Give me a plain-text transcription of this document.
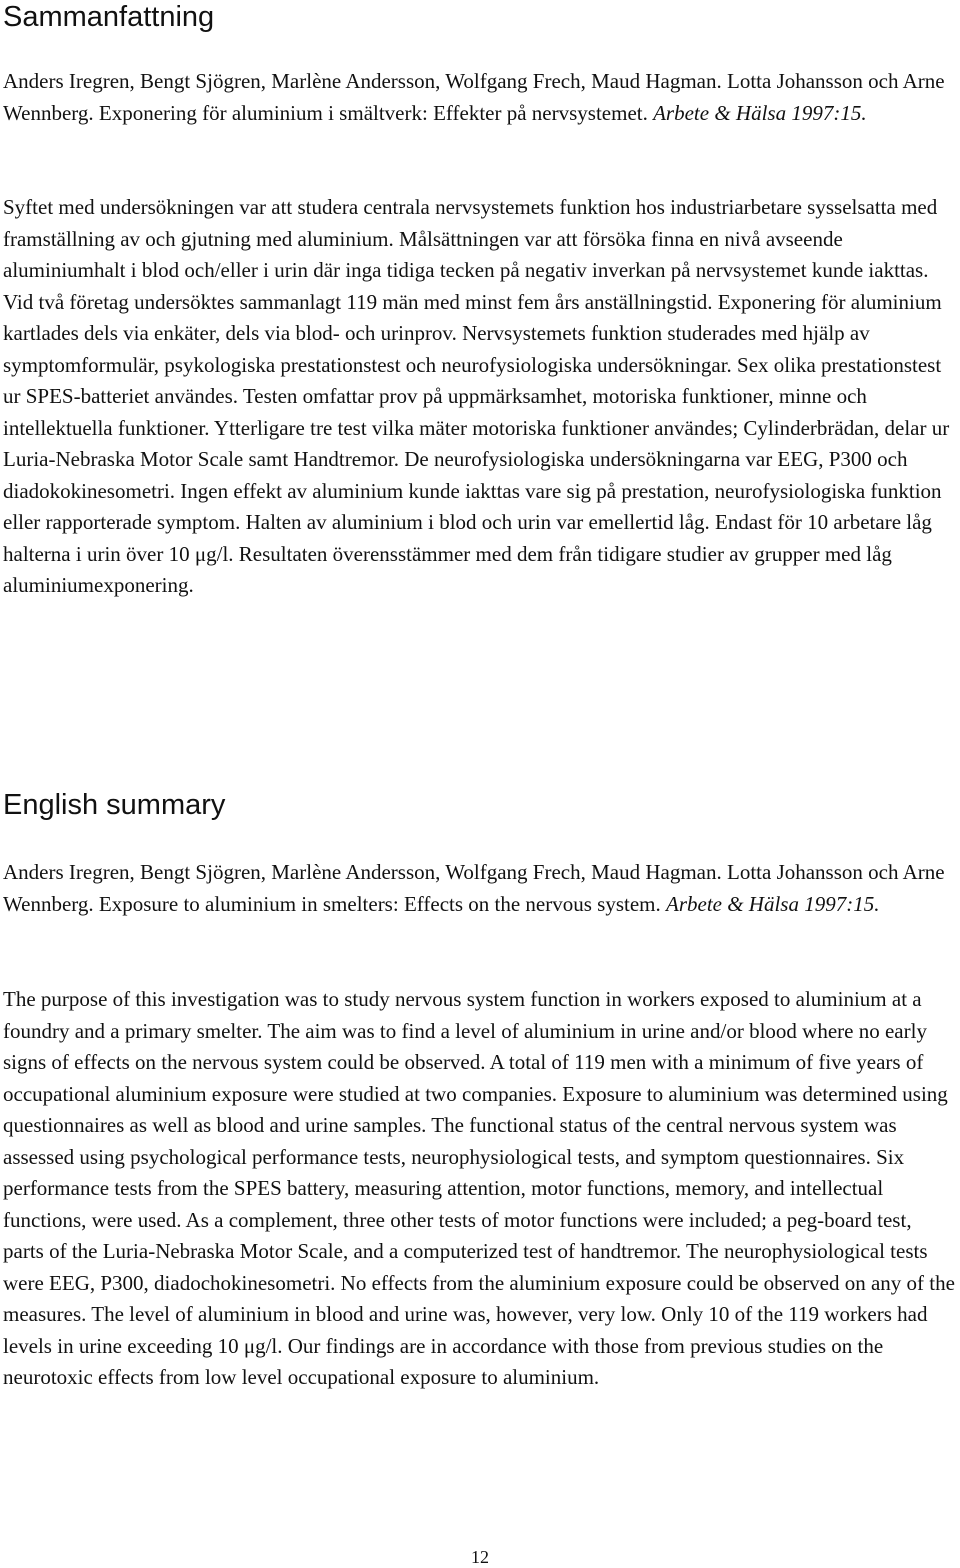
Sammanfattning

Anders Iregren, Bengt Sjögren, Marlène Andersson, Wolfgang Frech, Maud Hagman. Lotta Johansson och Arne Wennberg. Exponering för aluminium i smältverk: Effekter på nervsystemet. Arbete & Hälsa 1997:15.

Syftet med undersökningen var att studera centrala nervsystemets funktion hos industriarbetare sysselsatta med framställning av och gjutning med aluminium. Målsättningen var att försöka finna en nivå avseende aluminiumhalt i blod och/eller i urin där inga tidiga tecken på negativ inverkan på nervsystemet kunde iakttas. Vid två företag undersöktes sammanlagt 119 män med minst fem års anställningstid. Exponering för aluminium kartlades dels via enkäter, dels via blod- och urinprov. Nervsystemets funktion studerades med hjälp av symptomformulär, psykologiska prestationstest och neurofysiologiska undersökningar. Sex olika prestationstest ur SPES-batteriet användes. Testen omfattar prov på uppmärksamhet, motoriska funktioner, minne och intellektuella funktioner. Ytterligare tre test vilka mäter motoriska funktioner användes; Cylinderbrädan, delar ur Luria-Nebraska Motor Scale samt Handtremor. De neurofysiologiska undersökningarna var EEG, P300 och diadokokinesometri. Ingen effekt av aluminium kunde iakttas vare sig på prestation, neurofysiologiska funktion eller rapporterade symptom. Halten av aluminium i blod och urin var emellertid låg. Endast för 10 arbetare låg halterna i urin över 10 μg/l. Resultaten överensstämmer med dem från tidigare studier av grupper med låg aluminiumexponering.

English summary

Anders Iregren, Bengt Sjögren, Marlène Andersson, Wolfgang Frech, Maud Hagman. Lotta Johansson och Arne Wennberg. Exposure to aluminium in smelters: Effects on the nervous system. Arbete & Hälsa 1997:15.

The purpose of this investigation was to study nervous system function in workers exposed to aluminium at a foundry and a primary smelter. The aim was to find a level of aluminium in urine and/or blood where no early signs of effects on the nervous system could be observed. A total of 119 men with a minimum of five years of occupational aluminium exposure were studied at two companies. Exposure to aluminium was determined using questionnaires as well as blood and urine samples. The functional status of the central nervous system was assessed using psychological performance tests, neurophysiological tests, and symptom questionnaires. Six performance tests from the SPES battery, measuring attention, motor functions, memory, and intellectual functions, were used. As a complement, three other tests of motor functions were included; a peg-board test, parts of the Luria-Nebraska Motor Scale, and a computerized test of handtremor. The neurophysiological tests were EEG, P300, diadochokinesometri. No effects from the aluminium exposure could be observed on any of the measures. The level of aluminium in blood and urine was, however, very low. Only 10 of the 119 workers had levels in urine exceeding 10 μg/l. Our findings are in accordance with those from previous studies on the neurotoxic effects from low level occupational exposure to aluminium.

12
